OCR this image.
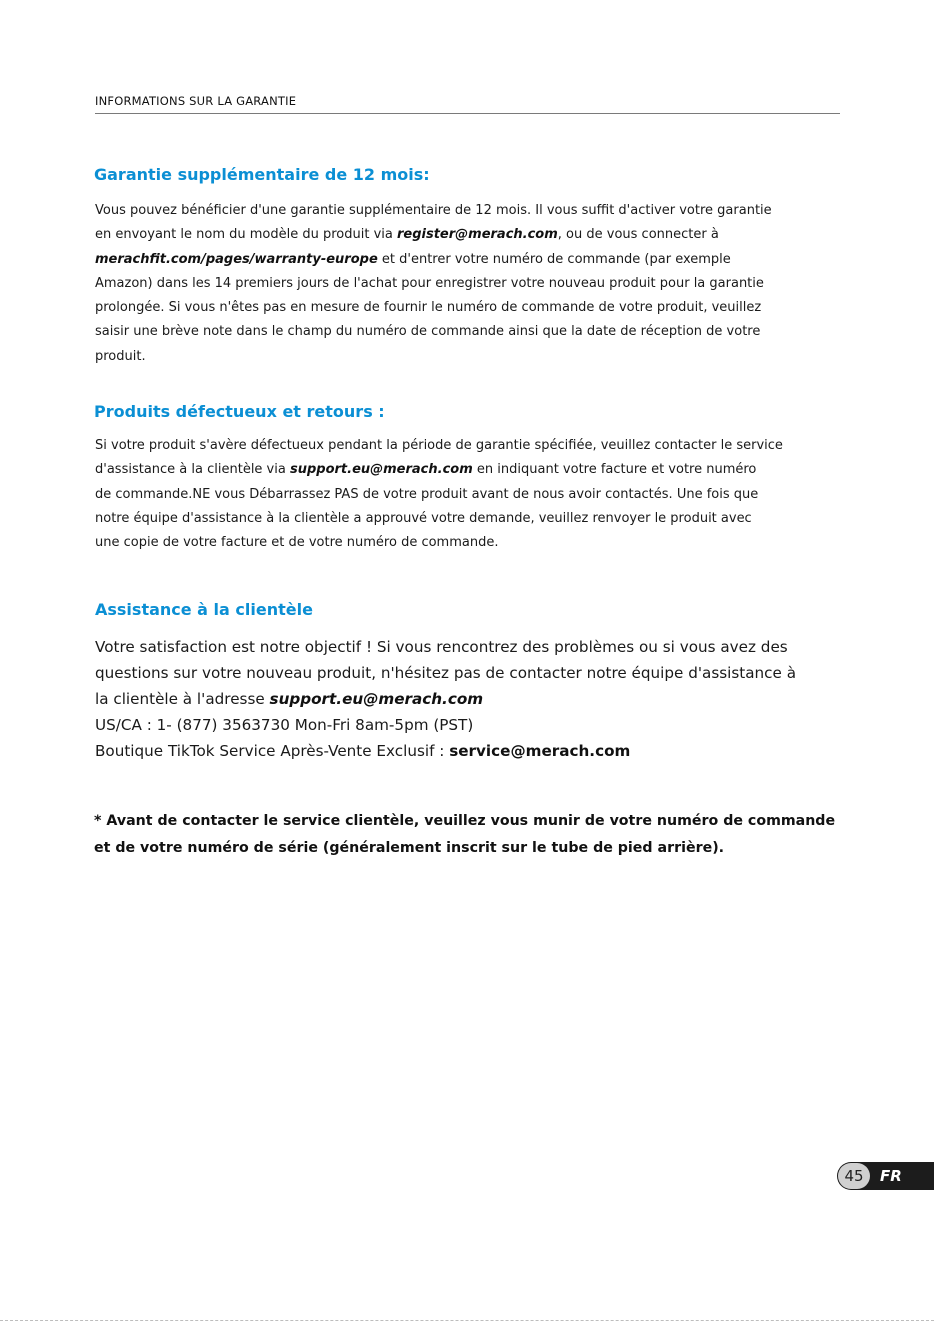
INFORMATIONS SUR LA GARANTIE
Garantie supplémentaire de 12 mois:

Vous pouvez bénéficier d'une garantie supplémentaire de 12 mois. Il vous suffit d'activer votre garantie
en envoyant le nom du modèle du produit via register@merach.com, ou de vous connecter à
merachfit.com/pages/warranty-europe et d'entrer votre numéro de commande (par exemple
Amazon) dans les 14 premiers jours de l'achat pour enregistrer votre nouveau produit pour la garantie
prolongée. Si vous n'êtes pas en mesure de fournir le numéro de commande de votre produit, veuillez
saisir une brève note dans le champ du numéro de commande ainsi que la date de réception de votre
produit.

Produits défectueux et retours :

Si votre produit s'avère défectueux pendant la période de garantie spécifiée, veuillez contacter le service
d'assistance à la clientèle via support.eu@merach.com en indiquant votre facture et votre numéro
de commande.NE vous Débarrassez PAS de votre produit avant de nous avoir contactés. Une fois que
notre équipe d'assistance à la clientèle a approuvé votre demande, veuillez renvoyer le produit avec
une copie de votre facture et de votre numéro de commande.

Assistance à la clientèle

Votre satisfaction est notre objectif ! Si vous rencontrez des problèmes ou si vous avez des
questions sur votre nouveau produit, n'hésitez pas de contacter notre équipe d'assistance à
la clientèle à l'adresse support.eu@merach.com
US/CA : 1- (877) 3563730 Mon-Fri 8am-5pm (PST)
Boutique TikTok Service Après-Vente Exclusif : service@merach.com

* Avant de contacter le service clientèle, veuillez vous munir de votre numéro de commande
et de votre numéro de série (généralement inscrit sur le tube de pied arrière).

45	FR
